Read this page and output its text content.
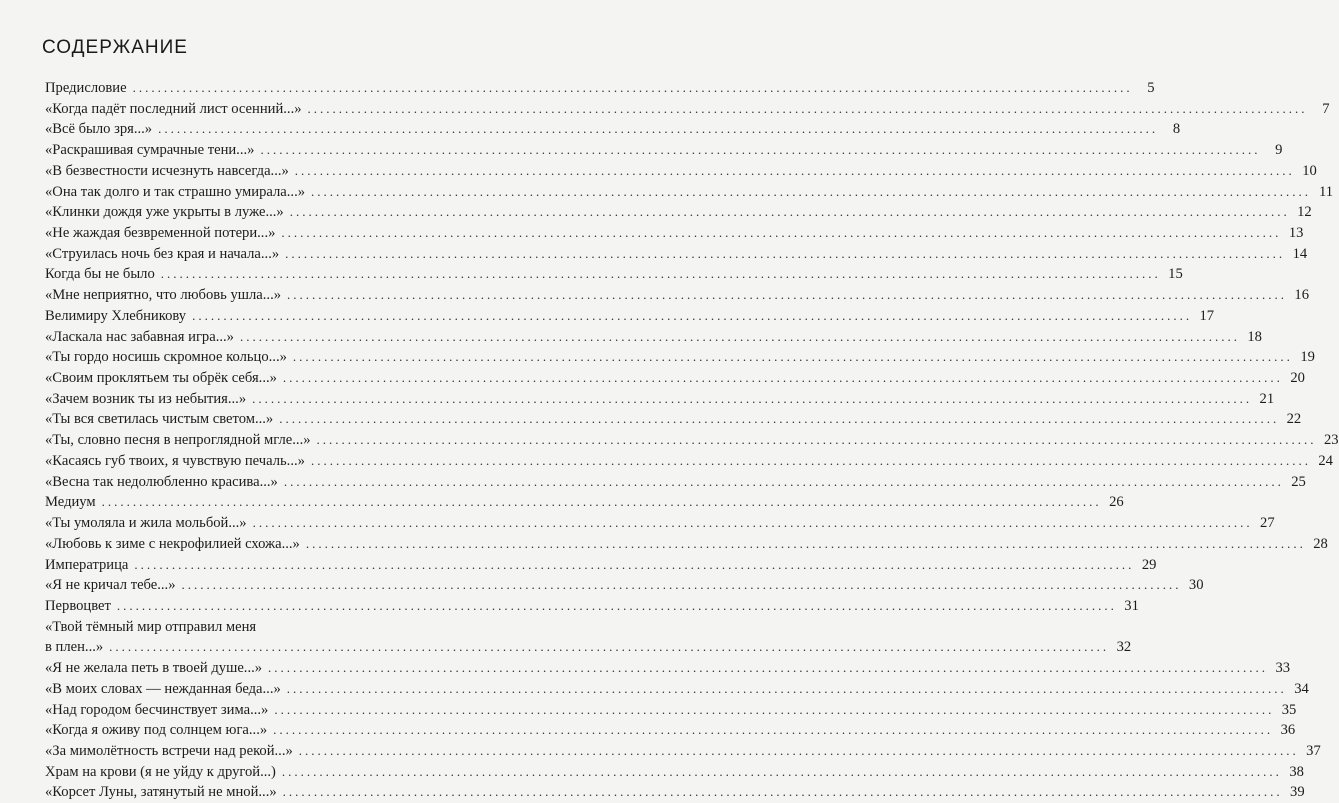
СОДЕРЖАНИЕ
Предисловие ................................................................................................................................................................	5
«Когда падёт последний лист осенний...» ................................................................................................................................................................	7
«Всё было зря...» ................................................................................................................................................................	8
«Раскрашивая сумрачные тени...» ................................................................................................................................................................	9
«В безвестности исчезнуть навсегда...» ................................................................................................................................................................ 10
«Она так долго и так страшно умирала...» ................................................................................................................................................................ 11
«Клинки дождя уже укрыты в луже...» ................................................................................................................................................................ 12
«Не жаждая безвременной потери...» ................................................................................................................................................................ 13
«Струилась ночь без края и начала...» ................................................................................................................................................................ 14
Когда бы не было ................................................................................................................................................................ 15
«Мне неприятно, что любовь ушла...» ................................................................................................................................................................ 16
Велимиру Хлебникову ................................................................................................................................................................ 17
«Ласкала нас забавная игра...» ................................................................................................................................................................ 18
«Ты гордо носишь скромное кольцо...» ................................................................................................................................................................ 19
«Своим проклятьем ты обрёк себя...» ................................................................................................................................................................ 20
«Зачем возник ты из небытия...» ................................................................................................................................................................ 21
«Ты вся светилась чистым светом...» ................................................................................................................................................................ 22
«Ты, словно песня в непроглядной мгле...» ................................................................................................................................................................ 23
«Касаясь губ твоих, я чувствую печаль...» ................................................................................................................................................................ 24
«Весна так недолюбленно красива...» ................................................................................................................................................................ 25
Медиум ................................................................................................................................................................ 26
«Ты умоляла и жила мольбой...» ................................................................................................................................................................ 27
«Любовь к зиме с некрофилией схожа...» ................................................................................................................................................................ 28
Императрица ................................................................................................................................................................ 29
«Я не кричал тебе...» ................................................................................................................................................................ 30
Первоцвет ................................................................................................................................................................ 31
«Твой тёмный мир отправил меня
в плен...» ................................................................................................................................................................ 32
«Я не желала петь в твоей душе...» ................................................................................................................................................................ 33
«В моих словах — нежданная беда...» ................................................................................................................................................................ 34
«Над городом бесчинствует зима...» ................................................................................................................................................................ 35
«Когда я оживу под солнцем юга...» ................................................................................................................................................................ 36
«За мимолётность встречи над рекой...» ................................................................................................................................................................ 37
Храм на крови (я не уйду к другой...) ................................................................................................................................................................ 38
«Корсет Луны, затянутый не мной...» ................................................................................................................................................................ 39
